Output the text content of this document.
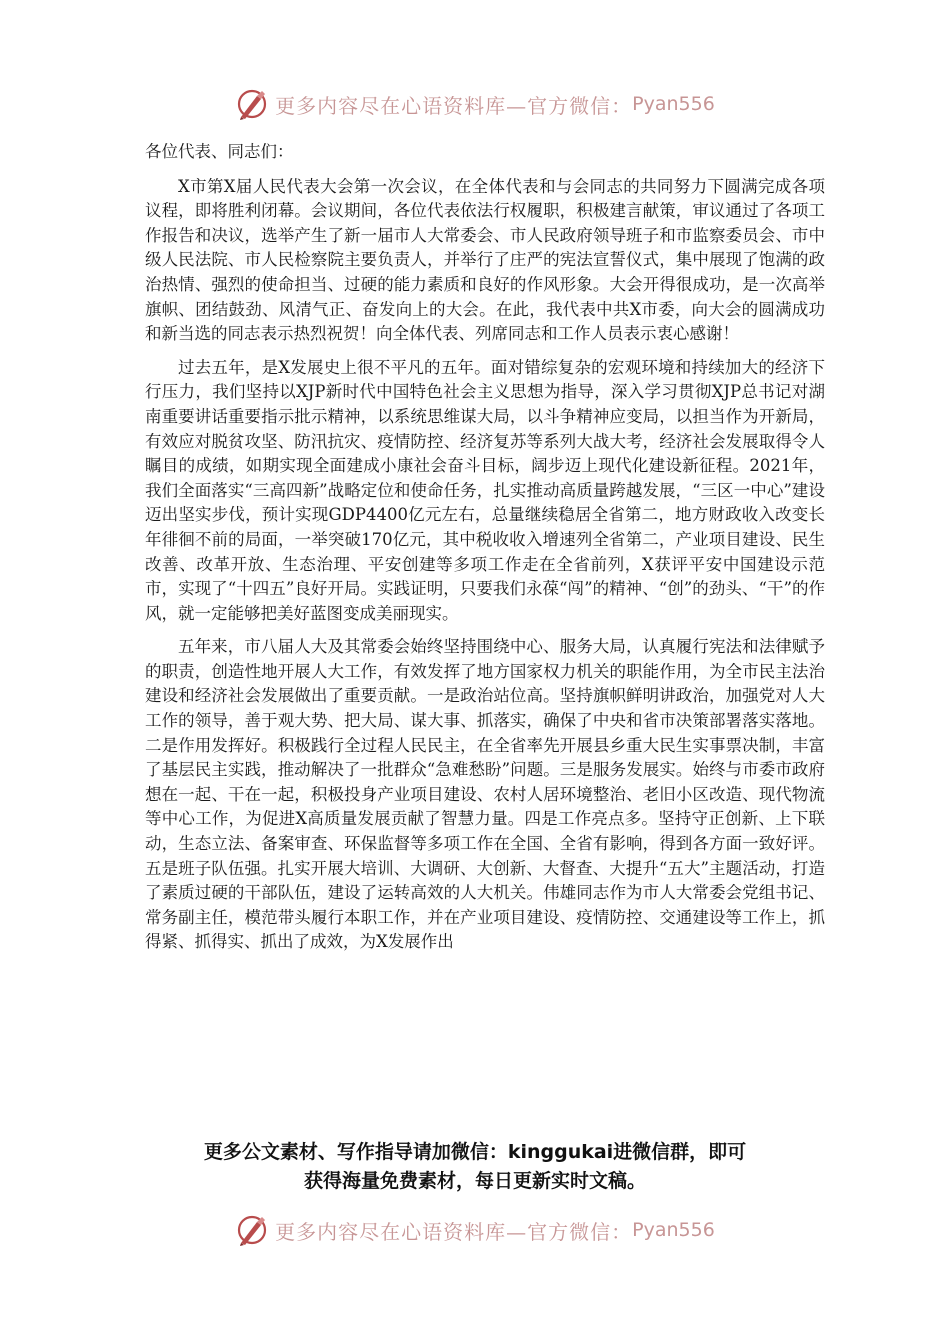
更多内容尽在心语资料库—官方微信： Pyan556

各位代表、同志们：

X市第X届人民代表大会第一次会议，在全体代表和与会同志的共同努力下圆满完成各项议程，即将胜利闭幕。会议期间，各位代表依法行权履职，积极建言献策，审议通过了各项工作报告和决议，选举产生了新一届市人大常委会、市人民政府领导班子和市监察委员会、市中级人民法院、市人民检察院主要负责人，并举行了庄严的宪法宣誓仪式，集中展现了饱满的政治热情、强烈的使命担当、过硬的能力素质和良好的作风形象。大会开得很成功，是一次高举旗帜、团结鼓劲、风清气正、奋发向上的大会。在此，我代表中共X市委，向大会的圆满成功和新当选的同志表示热烈祝贺！向全体代表、列席同志和工作人员表示衷心感谢！

过去五年，是X发展史上很不平凡的五年。面对错综复杂的宏观环境和持续加大的经济下行压力，我们坚持以XJP新时代中国特色社会主义思想为指导，深入学习贯彻XJP总书记对湖南重要讲话重要指示批示精神，以系统思维谋大局，以斗争精神应变局，以担当作为开新局，有效应对脱贫攻坚、防汛抗灾、疫情防控、经济复苏等系列大战大考，经济社会发展取得令人瞩目的成绩，如期实现全面建成小康社会奋斗目标，阔步迈上现代化建设新征程。2021年，我们全面落实“三高四新”战略定位和使命任务，扎实推动高质量跨越发展，“三区一中心”建设迈出坚实步伐，预计实现GDP4400亿元左右，总量继续稳居全省第二，地方财政收入改变长年徘徊不前的局面，一举突破170亿元，其中税收收入增速列全省第二，产业项目建设、民生改善、改革开放、生态治理、平安创建等多项工作走在全省前列，X获评平安中国建设示范市，实现了“十四五”良好开局。实践证明，只要我们永葆“闯”的精神、“创”的劲头、“干”的作风，就一定能够把美好蓝图变成美丽现实。

五年来，市八届人大及其常委会始终坚持围绕中心、服务大局，认真履行宪法和法律赋予的职责，创造性地开展人大工作，有效发挥了地方国家权力机关的职能作用，为全市民主法治建设和经济社会发展做出了重要贡献。一是政治站位高。坚持旗帜鲜明讲政治，加强党对人大工作的领导，善于观大势、把大局、谋大事、抓落实，确保了中央和省市决策部署落实落地。二是作用发挥好。积极践行全过程人民民主，在全省率先开展县乡重大民生实事票决制，丰富了基层民主实践，推动解决了一批群众“急难愁盼”问题。三是服务发展实。始终与市委市政府想在一起、干在一起，积极投身产业项目建设、农村人居环境整治、老旧小区改造、现代物流等中心工作，为促进X高质量发展贡献了智慧力量。四是工作亮点多。坚持守正创新、上下联动，生态立法、备案审查、环保监督等多项工作在全国、全省有影响，得到各方面一致好评。五是班子队伍强。扎实开展大培训、大调研、大创新、大督查、大提升“五大”主题活动，打造了素质过硬的干部队伍，建设了运转高效的人大机关。伟雄同志作为市人大常委会党组书记、常务副主任，模范带头履行本职工作，并在产业项目建设、疫情防控、交通建设等工作上，抓得紧、抓得实、抓出了成效，为X发展作出

更多公文素材、写作指导请加微信：kinggukai进微信群，即可
获得海量免费素材，每日更新实时文稿。
更多内容尽在心语资料库—官方微信： Pyan556
